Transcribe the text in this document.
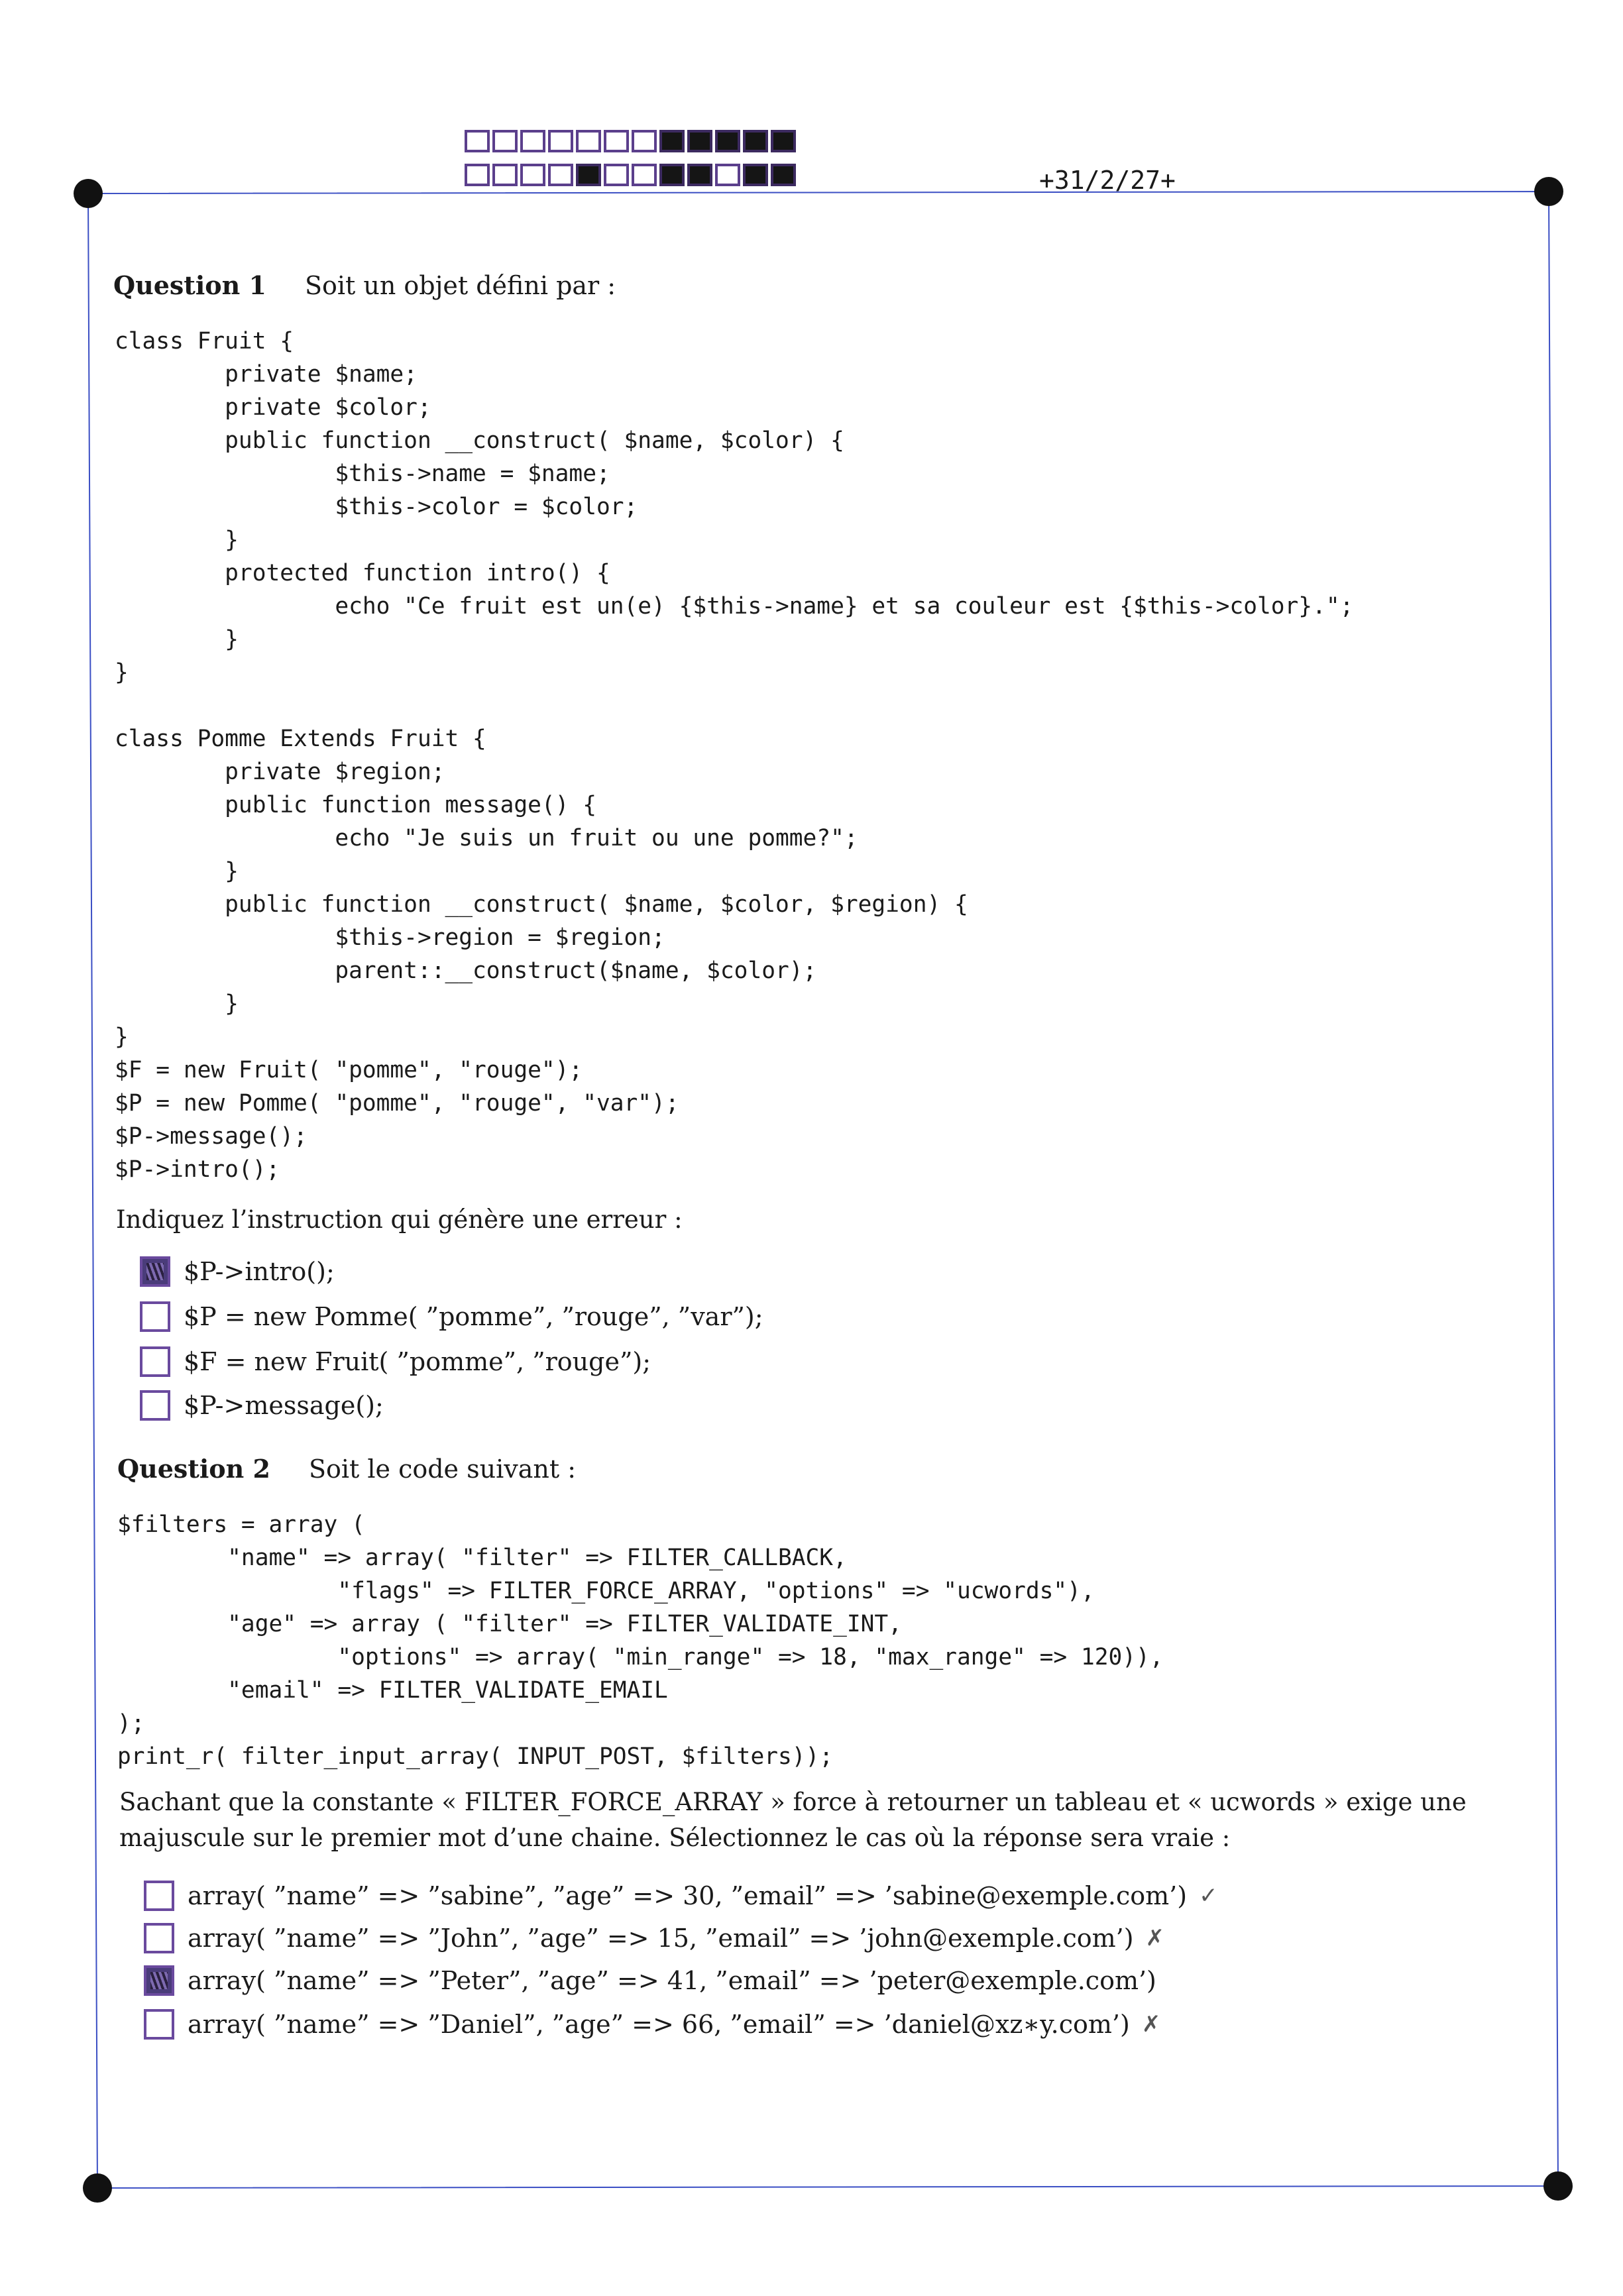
+31/2/27+
Question 1 Soit un objet défini par :
class Fruit {
private $name;
private $color;
public function __construct( $name, $color) {
$this->name = $name;
$this->color = $color;
}
protected function intro() {
echo "Ce fruit est un(e) {$this->name} et sa couleur est {$this->color}.";
}
}

class Pomme Extends Fruit {
private $region;
public function message() {
echo "Je suis un fruit ou une pomme?";
}
public function __construct( $name, $color, $region) {
$this->region = $region;
parent::__construct($name, $color);
}
}
$F = new Fruit( "pomme", "rouge");
$P = new Pomme( "pomme", "rouge", "var");
$P->message();
$P->intro();
Indiquez l’instruction qui génère une erreur :
$P->intro();
$P = new Pomme( ”pomme”, ”rouge”, ”var”);
$F = new Fruit( ”pomme”, ”rouge”);
$P->message();
Question 2 Soit le code suivant :
$filters = array (
"name" => array( "filter" => FILTER_CALLBACK,
"flags" => FILTER_FORCE_ARRAY, "options" => "ucwords"),
"age" => array ( "filter" => FILTER_VALIDATE_INT,
"options" => array( "min_range" => 18, "max_range" => 120)),
"email" => FILTER_VALIDATE_EMAIL
);
print_r( filter_input_array( INPUT_POST, $filters));
Sachant que la constante « FILTER_FORCE_ARRAY » force à retourner un tableau et « ucwords » exige une majuscule sur le premier mot d’une chaine. Sélectionnez le cas où la réponse sera vraie :
array( ”name” => ”sabine”, ”age” => 30, ”email” => ’sabine@exemple.com’) ✓
array( ”name” => ”John”, ”age” => 15, ”email” => ’john@exemple.com’) ✗
array( ”name” => ”Peter”, ”age” => 41, ”email” => ’peter@exemple.com’)
array( ”name” => ”Daniel”, ”age” => 66, ”email” => ’daniel@xz∗y.com’) ✗
